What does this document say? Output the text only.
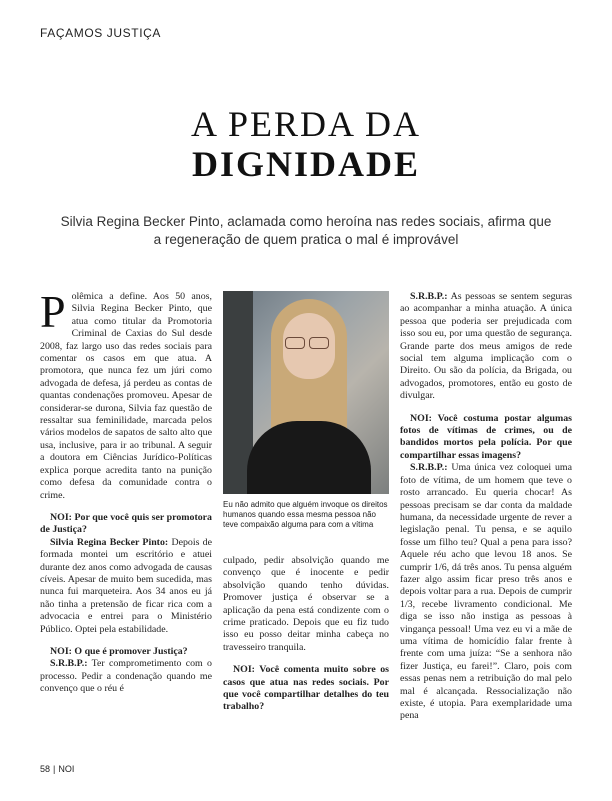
FAÇAMOS JUSTIÇA
A PERDA DA
DIGNIDADE
Silvia Regina Becker Pinto, aclamada como heroína nas redes sociais, afirma que a regeneração de quem pratica o mal é improvável

Polêmica a define. Aos 50 anos, Silvia Regina Becker Pinto, que atua como titular da Promotoria Criminal de Caxias do Sul desde 2008, faz largo uso das redes sociais para comentar os casos em que atua. A promotora, que nunca fez um júri como advogada de defesa, já perdeu as contas de quantas condenações promoveu. Apesar de considerar-se durona, Silvia faz questão de ressaltar sua feminilidade, marcada pelos vários modelos de sapatos de salto alto que usa, inclusive, para ir ao tribunal. A seguir a doutora em Ciências Jurídico-Políticas explica porque acredita tanto na punição como defesa da comunidade contra o crime.

NOI: Por que você quis ser promotora de Justiça?

Silvia Regina Becker Pinto: Depois de formada montei um escritório e atuei durante dez anos como advogada de causas cíveis. Apesar de muito bem sucedida, mas nunca fui marqueteira. Aos 34 anos eu já não tinha a pretensão de ficar rica com a advocacia e entrei para o Ministério Público. Optei pela estabilidade.

NOI: O que é promover Justiça?

S.R.B.P.: Ter comprometimento com o processo. Pedir a condenação quando me convenço que o réu é

Eu não admito que alguém invoque os direitos humanos quando essa mesma pessoa não teve compaixão alguma para com a vítima

culpado, pedir absolvição quando me convenço que é inocente e pedir absolvição quando tenho dúvidas. Promover justiça é observar se a aplicação da pena está condizente com o crime praticado. Depois que eu fiz tudo isso eu posso deitar minha cabeça no travesseiro tranquila.

NOI: Você comenta muito sobre os casos que atua nas redes sociais. Por que você compartilhar detalhes do teu trabalho?

S.R.B.P.: As pessoas se sentem seguras ao acompanhar a minha atuação. A única pessoa que poderia ser prejudicada com isso sou eu, por uma questão de segurança. Grande parte dos meus amigos de rede social tem alguma implicação com o Direito. Ou são da polícia, da Brigada, ou advogados, promotores, então eu gosto de divulgar.

NOI: Você costuma postar algumas fotos de vítimas de crimes, ou de bandidos mortos pela polícia. Por que compartilhar essas imagens?

S.R.B.P.: Uma única vez coloquei uma foto de vítima, de um homem que teve o rosto arrancado. Eu queria chocar! As pessoas precisam se dar conta da maldade humana, da necessidade urgente de rever a legislação penal. Tu pensa, e se aquilo fosse um filho teu? Qual a pena para isso? Aquele réu acho que levou 18 anos. Se cumprir 1/6, dá três anos. Tu pensa alguém fazer algo assim ficar preso três anos e depois voltar para a rua. Depois de cumprir 1/3, recebe livramento condicional. Me diga se isso não instiga as pessoas à vingança pessoal! Uma vez eu vi a mãe de uma vítima de homicídio falar frente à frente com uma juíza: “Se a senhora não fizer Justiça, eu farei!”. Claro, pois com essas penas nem a retribuição do mal pelo mal é alcançada. Ressocialização não existe, é utopia. Para exemplaridade uma pena

58 | NOI
